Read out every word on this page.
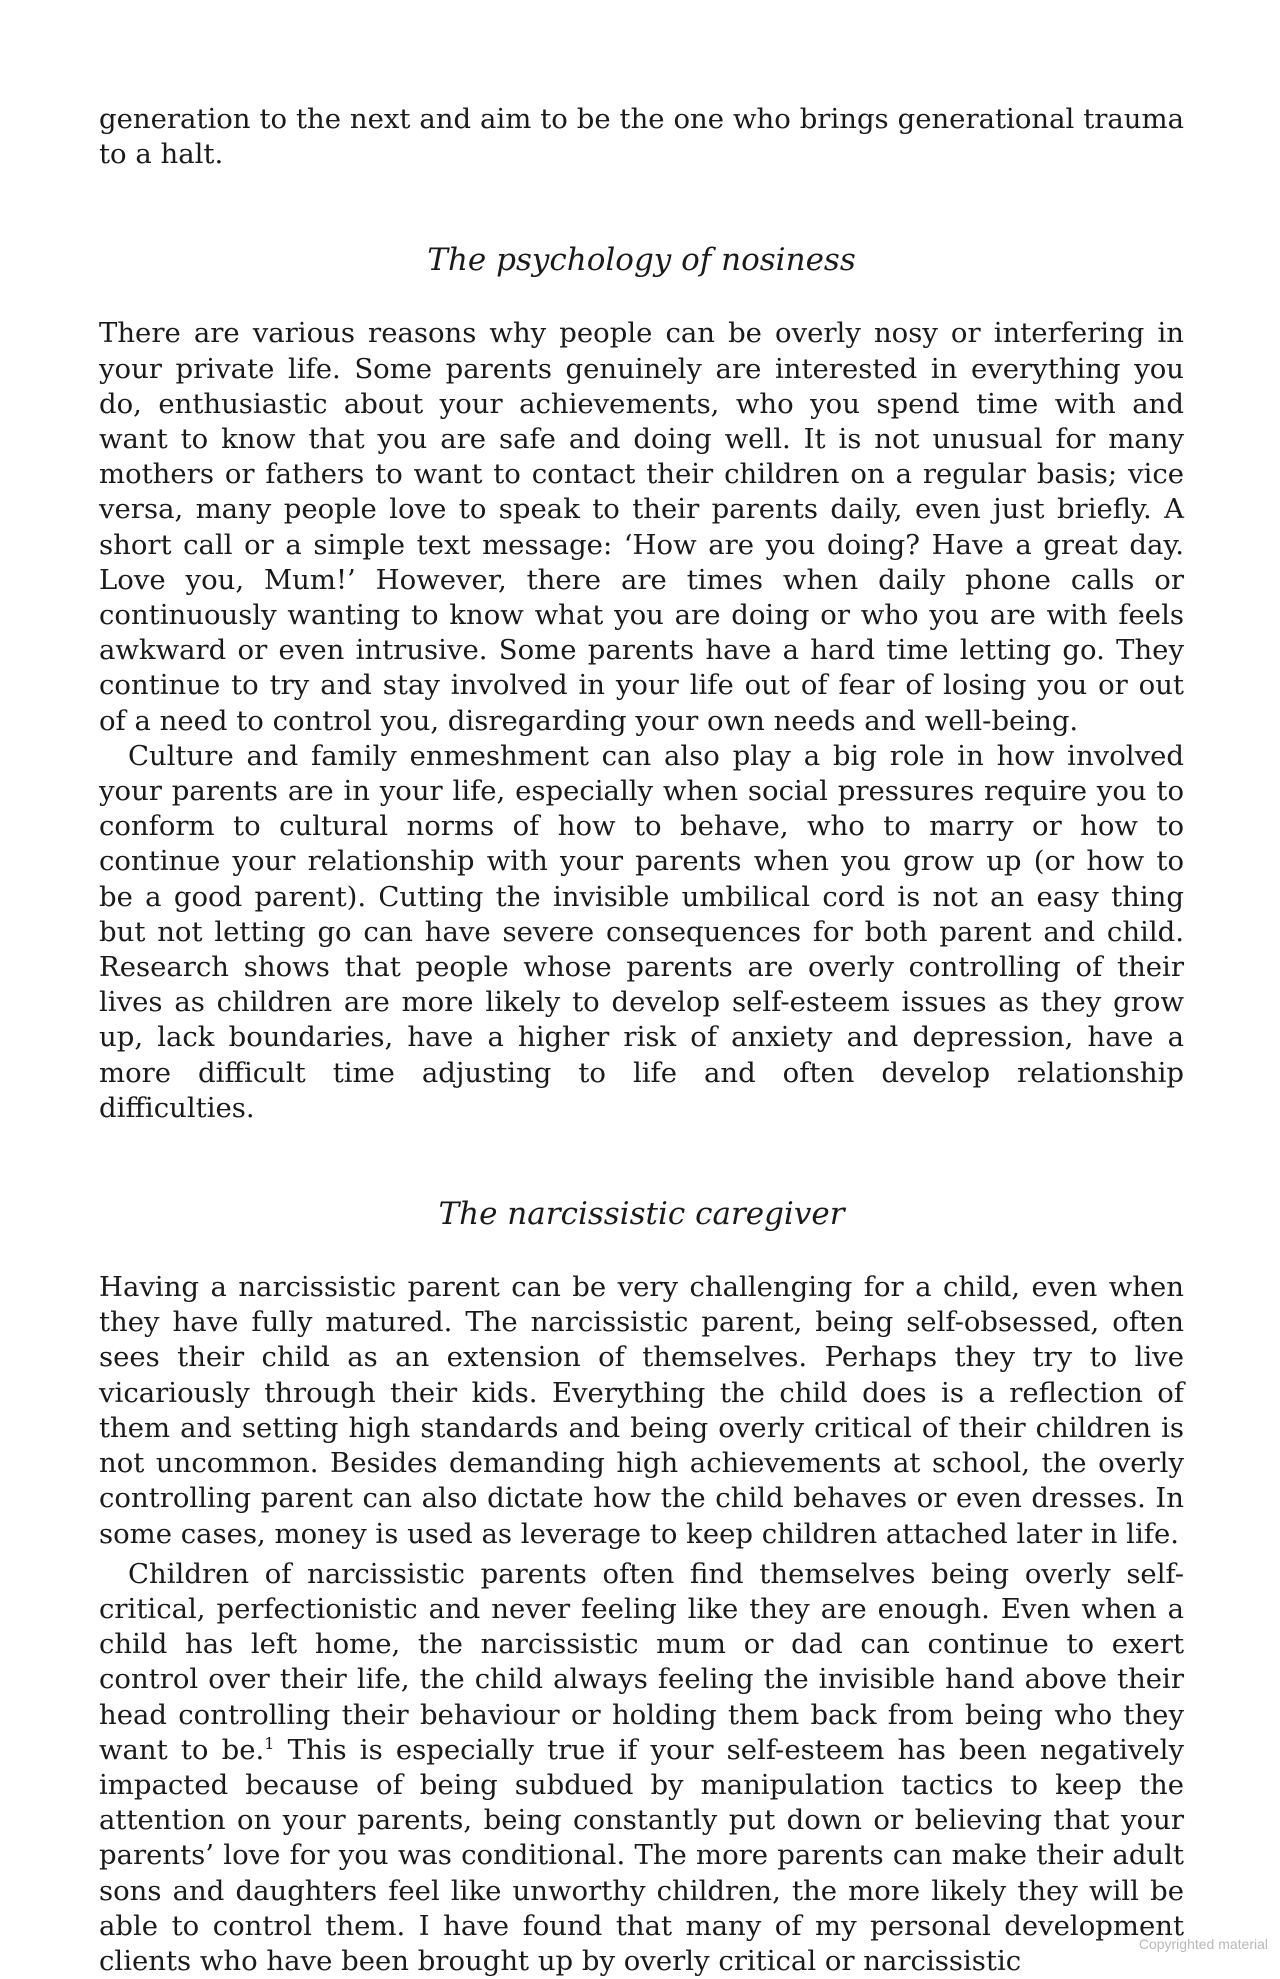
generation to the next and aim to be the one who brings generational trauma to a halt.

The psychology of nosiness

There are various reasons why people can be overly nosy or interfering in your private life. Some parents genuinely are interested in everything you do, enthusiastic about your achievements, who you spend time with and want to know that you are safe and doing well. It is not unusual for many mothers or fathers to want to contact their children on a regular basis; vice versa, many people love to speak to their parents daily, even just briefly. A short call or a simple text message: ‘How are you doing? Have a great day. Love you, Mum!’ However, there are times when daily phone calls or continuously wanting to know what you are doing or who you are with feels awkward or even intrusive. Some parents have a hard time letting go. They continue to try and stay involved in your life out of fear of losing you or out of a need to control you, disregarding your own needs and well-being.

Culture and family enmeshment can also play a big role in how involved your parents are in your life, especially when social pressures require you to conform to cultural norms of how to behave, who to marry or how to continue your relationship with your parents when you grow up (or how to be a good parent). Cutting the invisible umbilical cord is not an easy thing but not letting go can have severe consequences for both parent and child. Research shows that people whose parents are overly controlling of their lives as children are more likely to develop self-esteem issues as they grow up, lack boundaries, have a higher risk of anxiety and depression, have a more difficult time adjusting to life and often develop relationship difficulties.

The narcissistic caregiver

Having a narcissistic parent can be very challenging for a child, even when they have fully matured. The narcissistic parent, being self-obsessed, often sees their child as an extension of themselves. Perhaps they try to live vicariously through their kids. Everything the child does is a reflection of them and setting high standards and being overly critical of their children is not uncommon. Besides demanding high achievements at school, the overly controlling parent can also dictate how the child behaves or even dresses. In some cases, money is used as leverage to keep children attached later in life.

Children of narcissistic parents often find themselves being overly self-critical, perfectionistic and never feeling like they are enough. Even when a child has left home, the narcissistic mum or dad can continue to exert control over their life, the child always feeling the invisible hand above their head controlling their behaviour or holding them back from being who they want to be.$^1$ This is especially true if your self-esteem has been negatively impacted because of being subdued by manipulation tactics to keep the attention on your parents, being constantly put down or believing that your parents’ love for you was conditional. The more parents can make their adult sons and daughters feel like unworthy children, the more likely they will be able to control them. I have found that many of my personal development clients who have been brought up by overly critical or narcissistic

Copyrighted material
